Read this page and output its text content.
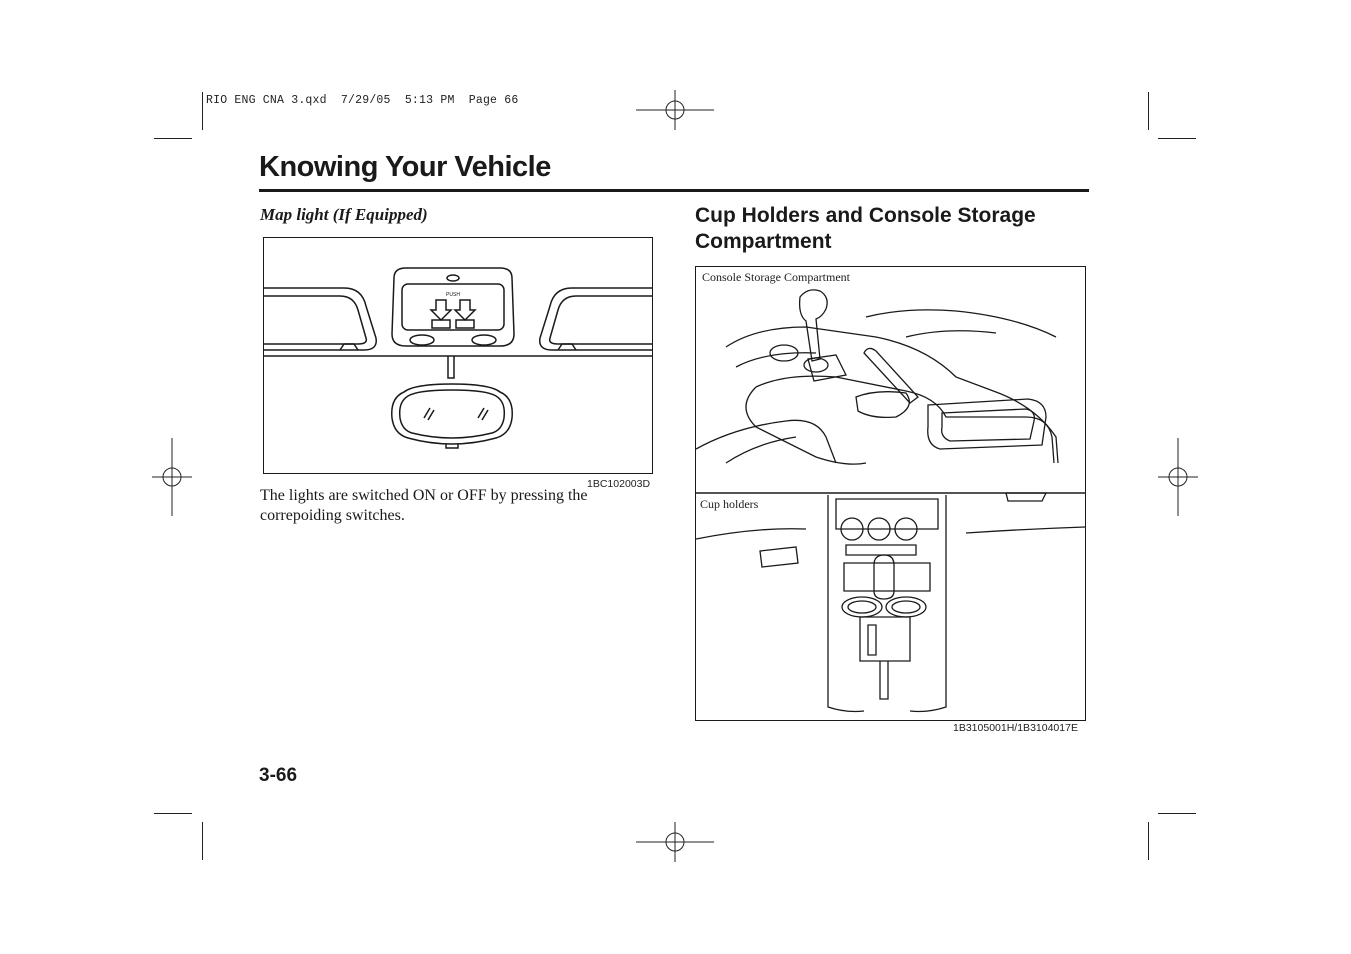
RIO ENG CNA 3.qxd  7/29/05  5:13 PM  Page 66
Knowing Your Vehicle
Map light (If Equipped)
PUSH
1BC102003D
The lights are switched ON or OFF by pressing the correpoiding switches.
Cup Holders and Console Storage Compartment
Console Storage Compartment
Cup holders
1B3105001H/1B3104017E
3-66
